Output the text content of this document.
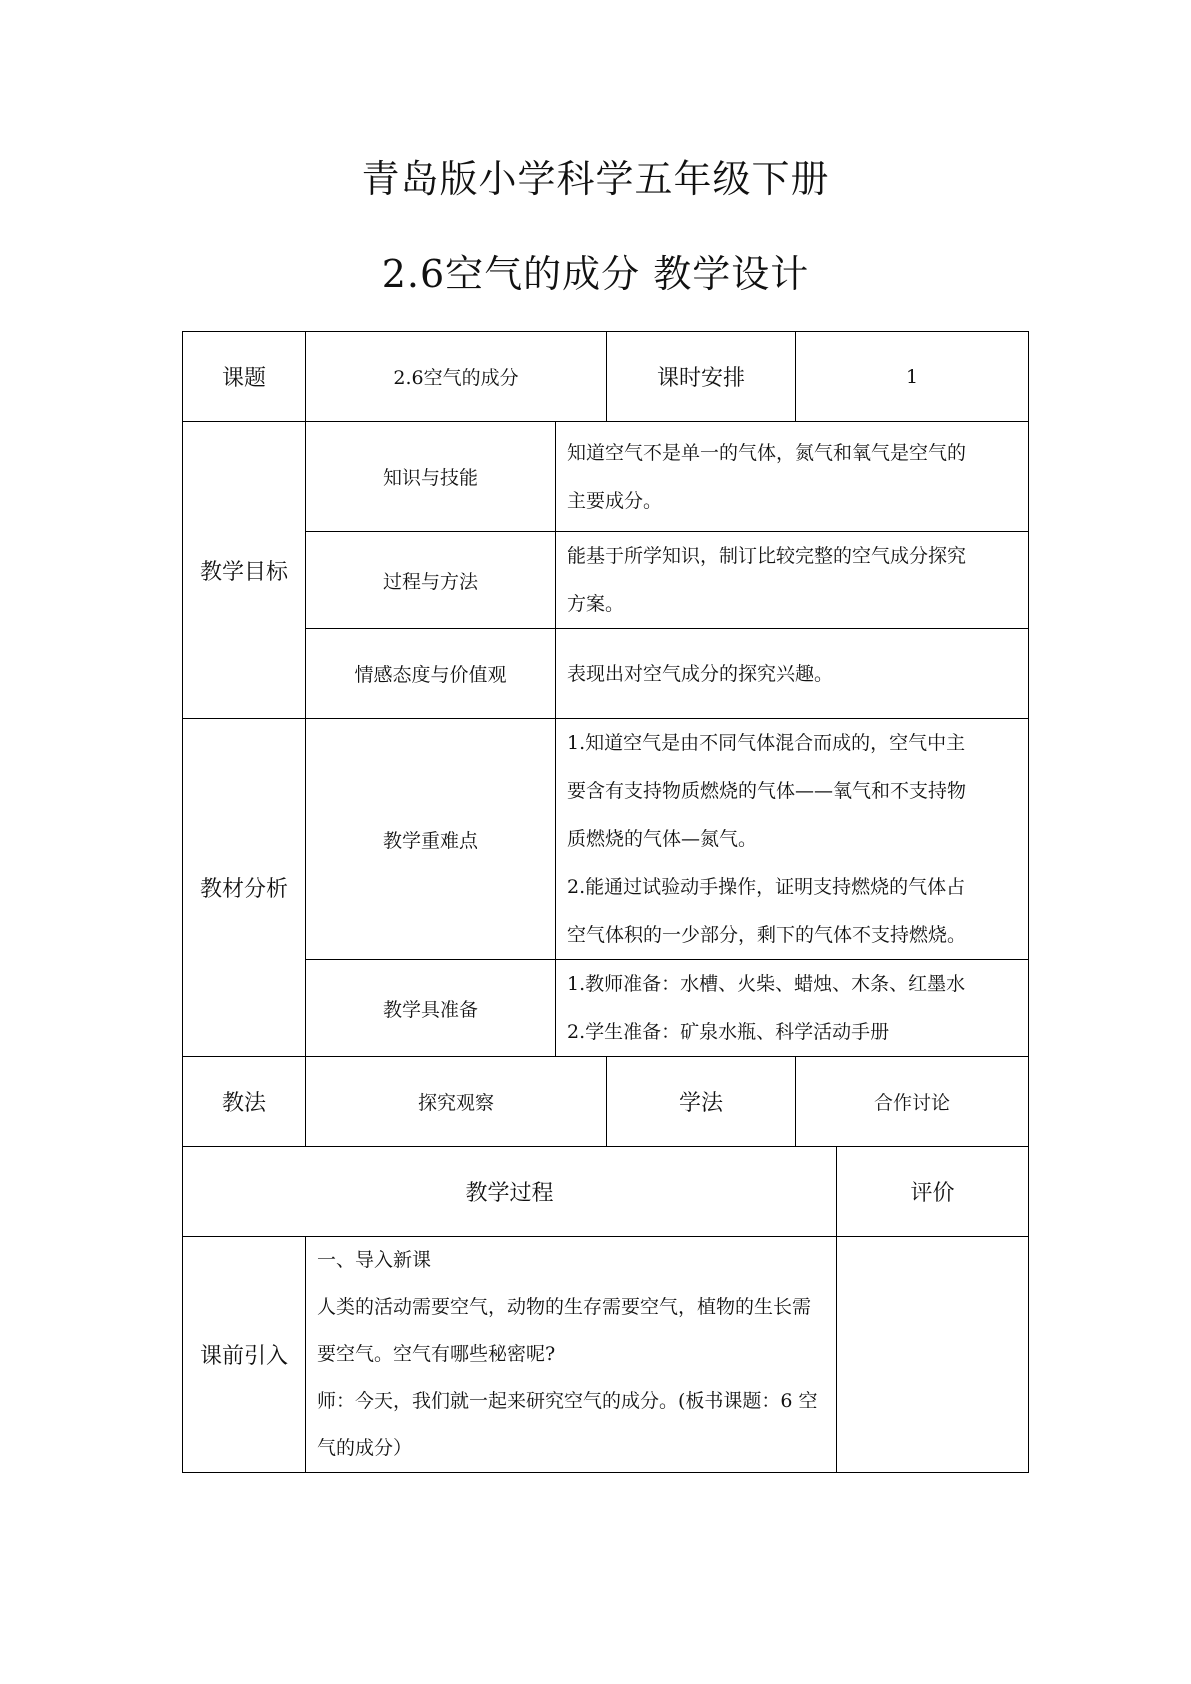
青岛版小学科学五年级下册
2.6空气的成分 教学设计
课题	2.6空气的成分		课时安排	1	
教学目标	知识与技能	知道空气不是单一的气体，氮气和氧气是空气的
主要成分。			

	过程与方法	能基于所学知识，制订比较完整的空气成分探究
方案。			

	情感态度与价值观	表现出对空气成分的探究兴趣。			

教材分析	教学重难点	1.知道空气是由不同气体混合而成的，空气中主
要含有支持物质燃烧的气体——氧气和不支持物
质燃烧的气体—氮气。
2.能通过试验动手操作，证明支持燃烧的气体占
空气体积的一少部分，剩下的气体不支持燃烧。			

	教学具准备	1.教师准备：水槽、火柴、蜡烛、木条、红墨水
2.学生准备：矿泉水瓶、科学活动手册			

教法	探究观察		学法	合作讨论	
教学过程					评价
课前引入	一、导入新课
人类的活动需要空气，动物的生存需要空气，植物的生长需
要空气。空气有哪些秘密呢?
师：今天，我们就一起来研究空气的成分。(板书课题：6 空
气的成分）				
